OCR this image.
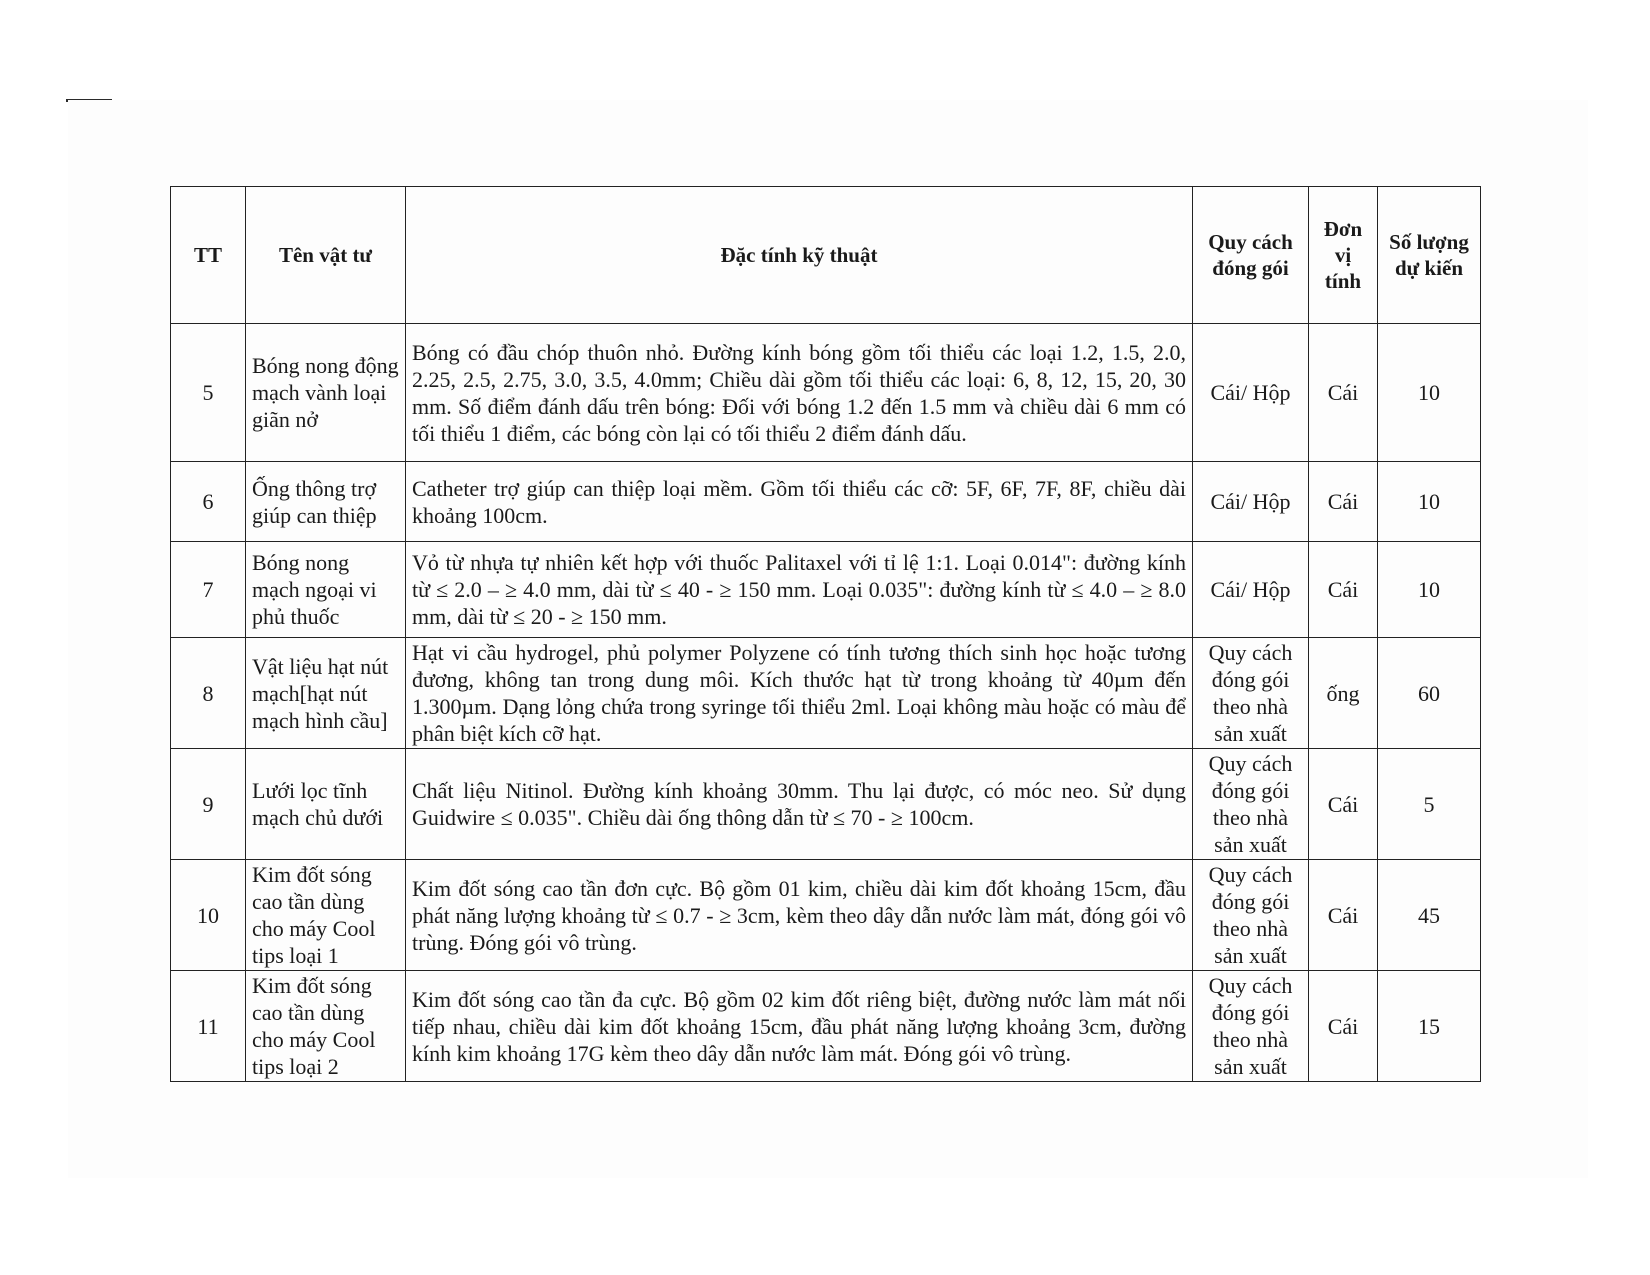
TT	Tên vật tư	Đặc tính kỹ thuật	Quy cách đóng gói	Đơn vị tính	Số lượng dự kiến
5	Bóng nong động mạch vành loại giãn nở	Bóng có đầu chóp thuôn nhỏ. Đường kính bóng gồm tối thiểu các loại 1.2, 1.5, 2.0, 2.25, 2.5, 2.75, 3.0, 3.5, 4.0mm; Chiều dài gồm tối thiểu các loại: 6, 8, 12, 15, 20, 30 mm. Số điểm đánh dấu trên bóng: Đối với bóng 1.2 đến 1.5 mm và chiều dài 6 mm có tối thiểu 1 điểm, các bóng còn lại có tối thiểu 2 điểm đánh dấu.	Cái/ Hộp	Cái	10
6	Ống thông trợ giúp can thiệp	Catheter trợ giúp can thiệp loại mềm. Gồm tối thiểu các cỡ: 5F, 6F, 7F, 8F, chiều dài khoảng 100cm.	Cái/ Hộp	Cái	10
7	Bóng nong mạch ngoại vi phủ thuốc	Vỏ từ nhựa tự nhiên kết hợp với thuốc Palitaxel với tỉ lệ 1:1. Loại 0.014": đường kính từ ≤ 2.0 – ≥ 4.0 mm, dài từ ≤ 40 - ≥ 150 mm. Loại 0.035": đường kính từ ≤ 4.0 – ≥ 8.0 mm, dài từ ≤ 20 - ≥ 150 mm.	Cái/ Hộp	Cái	10
8	Vật liệu hạt nút mạch[hạt nút mạch hình cầu]	Hạt vi cầu hydrogel, phủ polymer Polyzene có tính tương thích sinh học hoặc tương đương, không tan trong dung môi. Kích thước hạt từ trong khoảng từ 40µm đến 1.300µm. Dạng lỏng chứa trong syringe tối thiểu 2ml. Loại không màu hoặc có màu để phân biệt kích cỡ hạt.	Quy cách đóng gói theo nhà sản xuất	ống	60
9	Lưới lọc tĩnh mạch chủ dưới	Chất liệu Nitinol. Đường kính khoảng 30mm. Thu lại được, có móc neo. Sử dụng Guidwire ≤ 0.035". Chiều dài ống thông dẫn từ ≤ 70 - ≥ 100cm.	Quy cách đóng gói theo nhà sản xuất	Cái	5
10	Kim đốt sóng cao tần dùng cho máy Cool tips loại 1	Kim đốt sóng cao tần đơn cực. Bộ gồm 01 kim, chiều dài kim đốt khoảng 15cm, đầu phát năng lượng khoảng từ ≤ 0.7 - ≥ 3cm, kèm theo dây dẫn nước làm mát, đóng gói vô trùng. Đóng gói vô trùng.	Quy cách đóng gói theo nhà sản xuất	Cái	45
11	Kim đốt sóng cao tần dùng cho máy Cool tips loại 2	Kim đốt sóng cao tần đa cực. Bộ gồm 02 kim đốt riêng biệt, đường nước làm mát nối tiếp nhau, chiều dài kim đốt khoảng 15cm, đầu phát năng lượng khoảng 3cm, đường kính kim khoảng 17G kèm theo dây dẫn nước làm mát. Đóng gói vô trùng.	Quy cách đóng gói theo nhà sản xuất	Cái	15
